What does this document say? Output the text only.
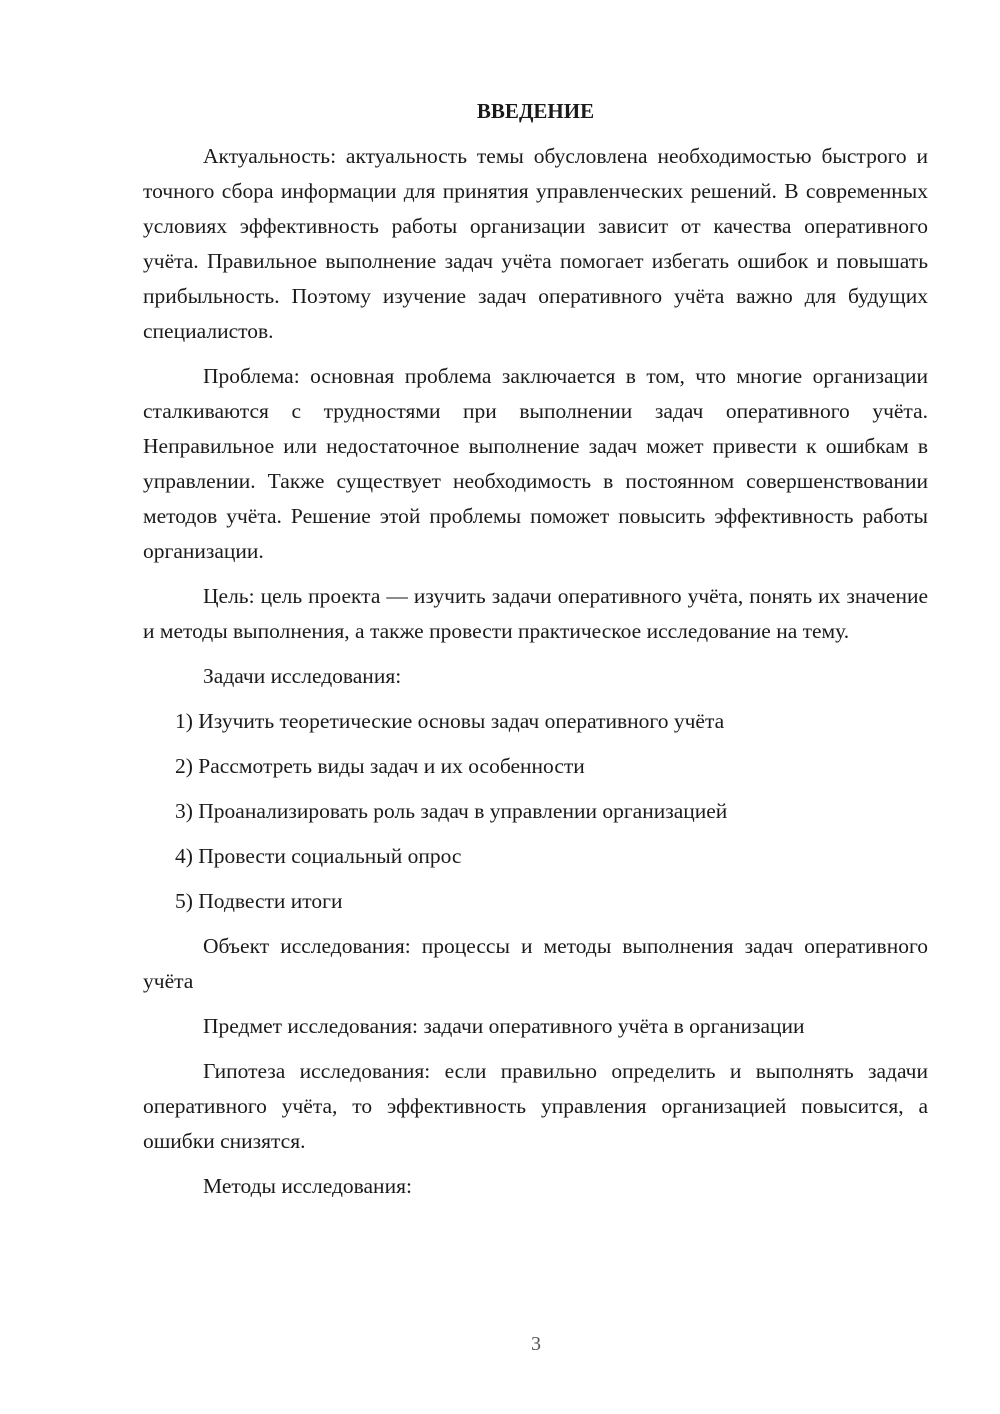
ВВЕДЕНИЕ

Актуальность: актуальность темы обусловлена необходимостью быстрого и точного сбора информации для принятия управленческих решений. В современных условиях эффективность работы организации зависит от качества оперативного учёта. Правильное выполнение задач учёта помогает избегать ошибок и повышать прибыльность. Поэтому изучение задач оперативного учёта важно для будущих специалистов.

Проблема: основная проблема заключается в том, что многие организации сталкиваются с трудностями при выполнении задач оперативного учёта. Неправильное или недостаточное выполнение задач может привести к ошибкам в управлении. Также существует необходимость в постоянном совершенствовании методов учёта. Решение этой проблемы поможет повысить эффективность работы организации.

Цель: цель проекта — изучить задачи оперативного учёта, понять их значение и методы выполнения, а также провести практическое исследование на тему.

Задачи исследования:

1) Изучить теоретические основы задач оперативного учёта
2) Рассмотреть виды задач и их особенности
3) Проанализировать роль задач в управлении организацией
4) Провести социальный опрос
5) Подвести итоги

Объект исследования: процессы и методы выполнения задач оперативного учёта

Предмет исследования: задачи оперативного учёта в организации

Гипотеза исследования: если правильно определить и выполнять задачи оперативного учёта, то эффективность управления организацией повысится, а ошибки снизятся.

Методы исследования:

3
